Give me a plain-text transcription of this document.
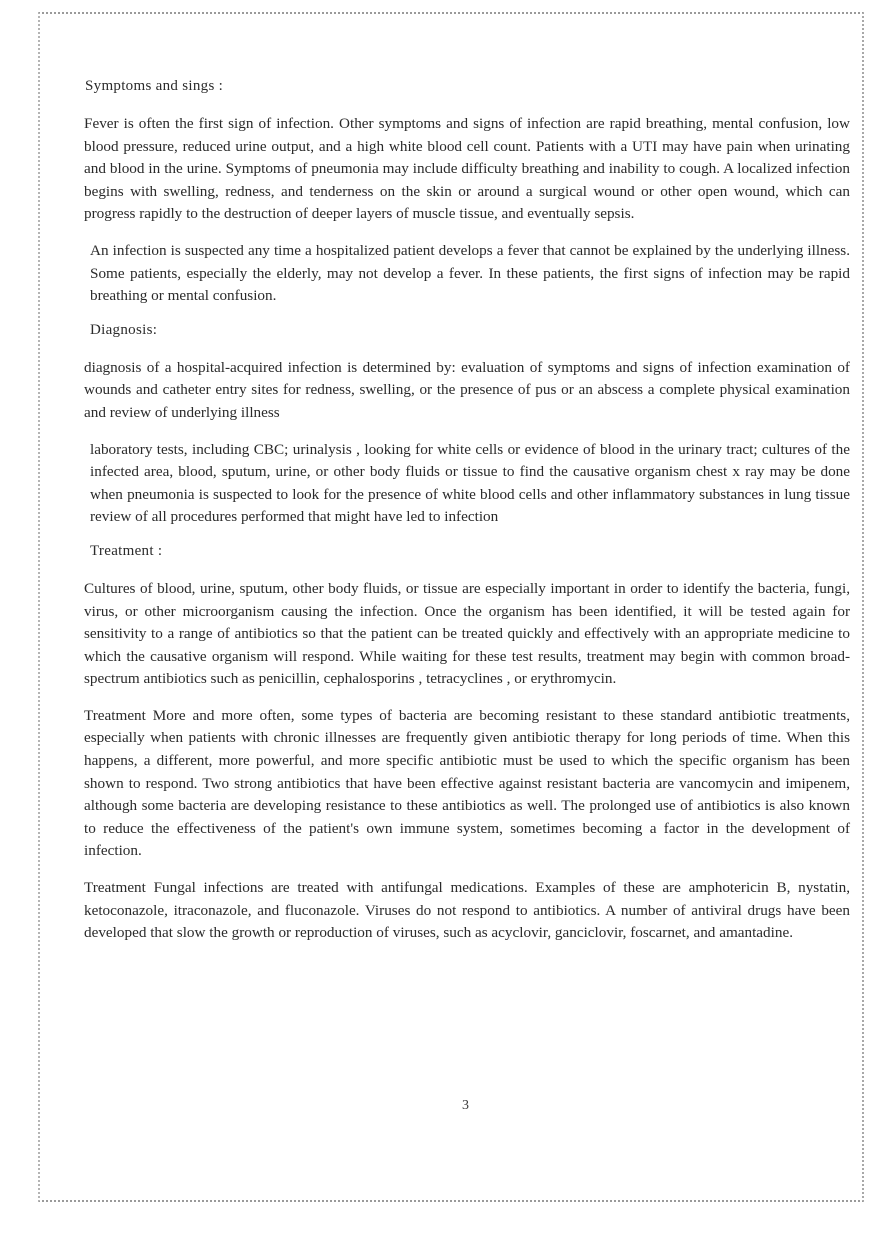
Symptoms and sings :

Fever is often the first sign of infection. Other symptoms and signs of infection are rapid breathing, mental confusion, low blood pressure, reduced urine output, and a high white blood cell count. Patients with a UTI may have pain when urinating and blood in the urine. Symptoms of pneumonia may include difficulty breathing and inability to cough. A localized infection begins with swelling, redness, and tenderness on the skin or around a surgical wound or other open wound, which can progress rapidly to the destruction of deeper layers of muscle tissue, and eventually sepsis.

An infection is suspected any time a hospitalized patient develops a fever that cannot be explained by the underlying illness. Some patients, especially the elderly, may not develop a fever. In these patients, the first signs of infection may be rapid breathing or mental confusion.

Diagnosis:

diagnosis of a hospital-acquired infection is determined by: evaluation of symptoms and signs of infection examination of wounds and catheter entry sites for redness, swelling, or the presence of pus or an abscess a complete physical examination and review of underlying illness

laboratory tests, including CBC; urinalysis , looking for white cells or evidence of blood in the urinary tract; cultures of the infected area, blood, sputum, urine, or other body fluids or tissue to find the causative organism chest x ray may be done when pneumonia is suspected to look for the presence of white blood cells and other inflammatory substances in lung tissue review of all procedures performed that might have led to infection

Treatment :

Cultures of blood, urine, sputum, other body fluids, or tissue are especially important in order to identify the bacteria, fungi, virus, or other microorganism causing the infection. Once the organism has been identified, it will be tested again for sensitivity to a range of antibiotics so that the patient can be treated quickly and effectively with an appropriate medicine to which the causative organism will respond. While waiting for these test results, treatment may begin with common broad-spectrum antibiotics such as penicillin, cephalosporins , tetracyclines , or erythromycin.

Treatment More and more often, some types of bacteria are becoming resistant to these standard antibiotic treatments, especially when patients with chronic illnesses are frequently given antibiotic therapy for long periods of time. When this happens, a different, more powerful, and more specific antibiotic must be used to which the specific organism has been shown to respond. Two strong antibiotics that have been effective against resistant bacteria are vancomycin and imipenem, although some bacteria are developing resistance to these antibiotics as well. The prolonged use of antibiotics is also known to reduce the effectiveness of the patient's own immune system, sometimes becoming a factor in the development of infection.

Treatment Fungal infections are treated with antifungal medications. Examples of these are amphotericin B, nystatin, ketoconazole, itraconazole, and fluconazole. Viruses do not respond to antibiotics. A number of antiviral drugs have been developed that slow the growth or reproduction of viruses, such as acyclovir, ganciclovir, foscarnet, and amantadine.

3
